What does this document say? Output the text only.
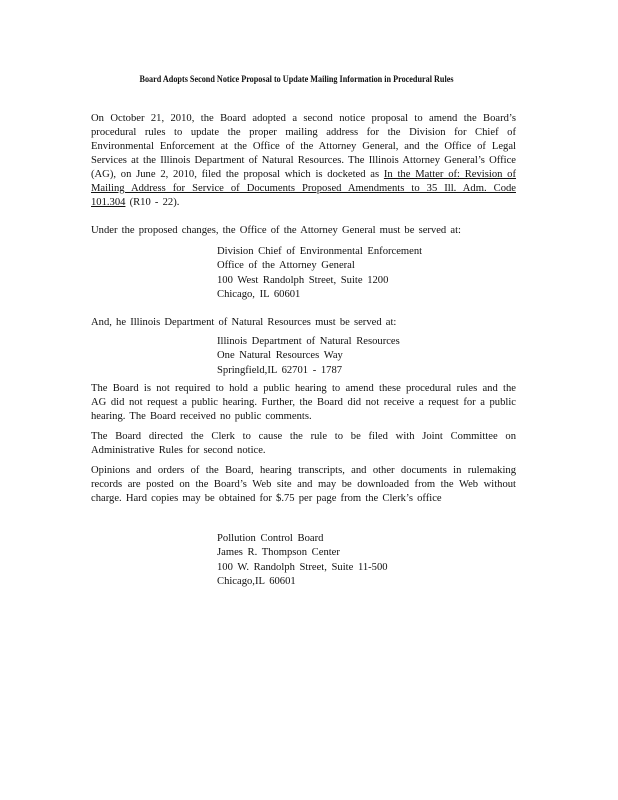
Board Adopts Second Notice Proposal to Update Mailing Information in Procedural Rules

On October 21, 2010, the Board adopted a second notice proposal to amend the Board’s procedural rules to update the proper mailing address for the Division for Chief of Environmental Enforcement at the Office of the Attorney General, and the Office of Legal Services at the Illinois Department of Natural Resources. The Illinois Attorney General’s Office (AG), on June 2, 2010, filed the proposal which is docketed as In the Matter of: Revision of Mailing Address for Service of Documents Proposed Amendments to 35 Ill. Adm. Code 101.304 (R10 - 22).

Under the proposed changes, the Office of the Attorney General must be served at:

Division Chief of Environmental Enforcement
Office of the Attorney General
100 West Randolph Street, Suite 1200
Chicago, IL 60601

And, he Illinois Department of Natural Resources must be served at:

Illinois Department of Natural Resources
One Natural Resources Way
Springfield,IL 62701 - 1787

The Board is not required to hold a public hearing to amend these procedural rules and the AG did not request a public hearing. Further, the Board did not receive a request for a public hearing. The Board received no public comments.

The Board directed the Clerk to cause the rule to be filed with Joint Committee on Administrative Rules for second notice.

Opinions and orders of the Board, hearing transcripts, and other documents in rulemaking records are posted on the Board’s Web site and may be downloaded from the Web without charge. Hard copies may be obtained for $.75 per page from the Clerk’s office

Pollution Control Board
James R. Thompson Center
100 W. Randolph Street, Suite 11-500
Chicago,IL 60601
